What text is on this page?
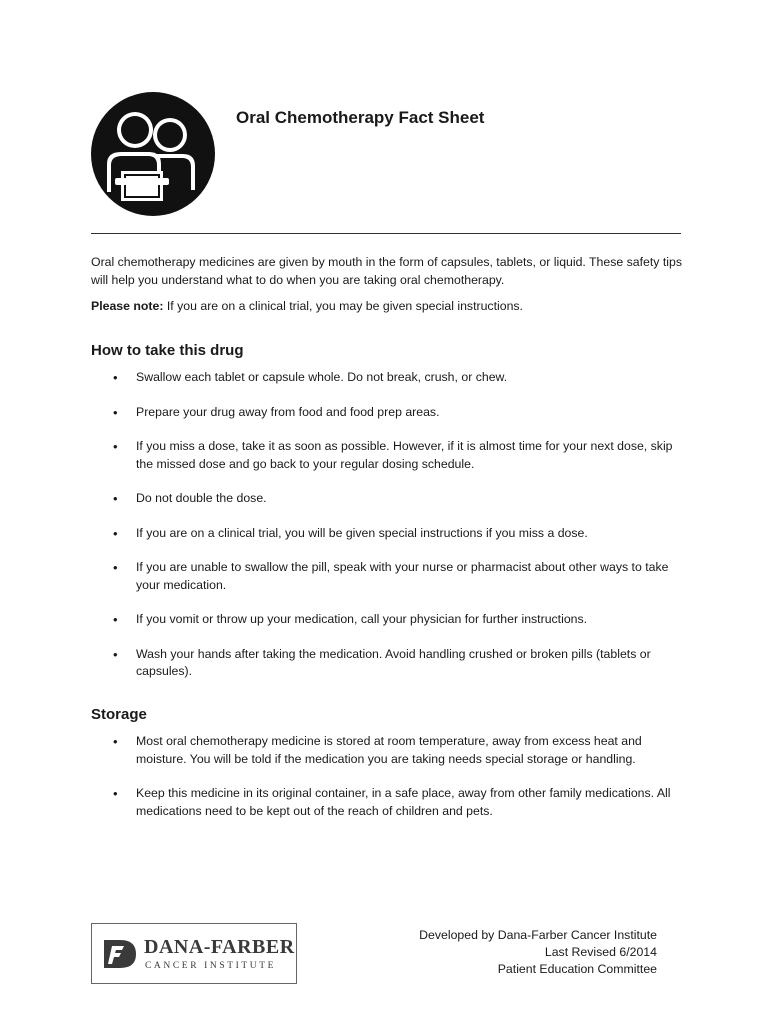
Oral Chemotherapy Fact Sheet

Oral chemotherapy medicines are given by mouth in the form of capsules, tablets, or liquid. These safety tips will help you understand what to do when you are taking oral chemotherapy.

Please note: If you are on a clinical trial, you may be given special instructions.

How to take this drug
• Swallow each tablet or capsule whole. Do not break, crush, or chew.
• Prepare your drug away from food and food prep areas.
• If you miss a dose, take it as soon as possible. However, if it is almost time for your next dose, skip the missed dose and go back to your regular dosing schedule.
• Do not double the dose.
• If you are on a clinical trial, you will be given special instructions if you miss a dose.
• If you are unable to swallow the pill, speak with your nurse or pharmacist about other ways to take your medication.
• If you vomit or throw up your medication, call your physician for further instructions.
• Wash your hands after taking the medication. Avoid handling crushed or broken pills (tablets or capsules).
Storage
• Most oral chemotherapy medicine is stored at room temperature, away from excess heat and moisture. You will be told if the medication you are taking needs special storage or handling.
• Keep this medicine in its original container, in a safe place, away from other family medications. All medications need to be kept out of the reach of children and pets.
DANA-FARBER
CANCER INSTITUTE
Developed by Dana-Farber Cancer Institute
Last Revised 6/2014
Patient Education Committee
